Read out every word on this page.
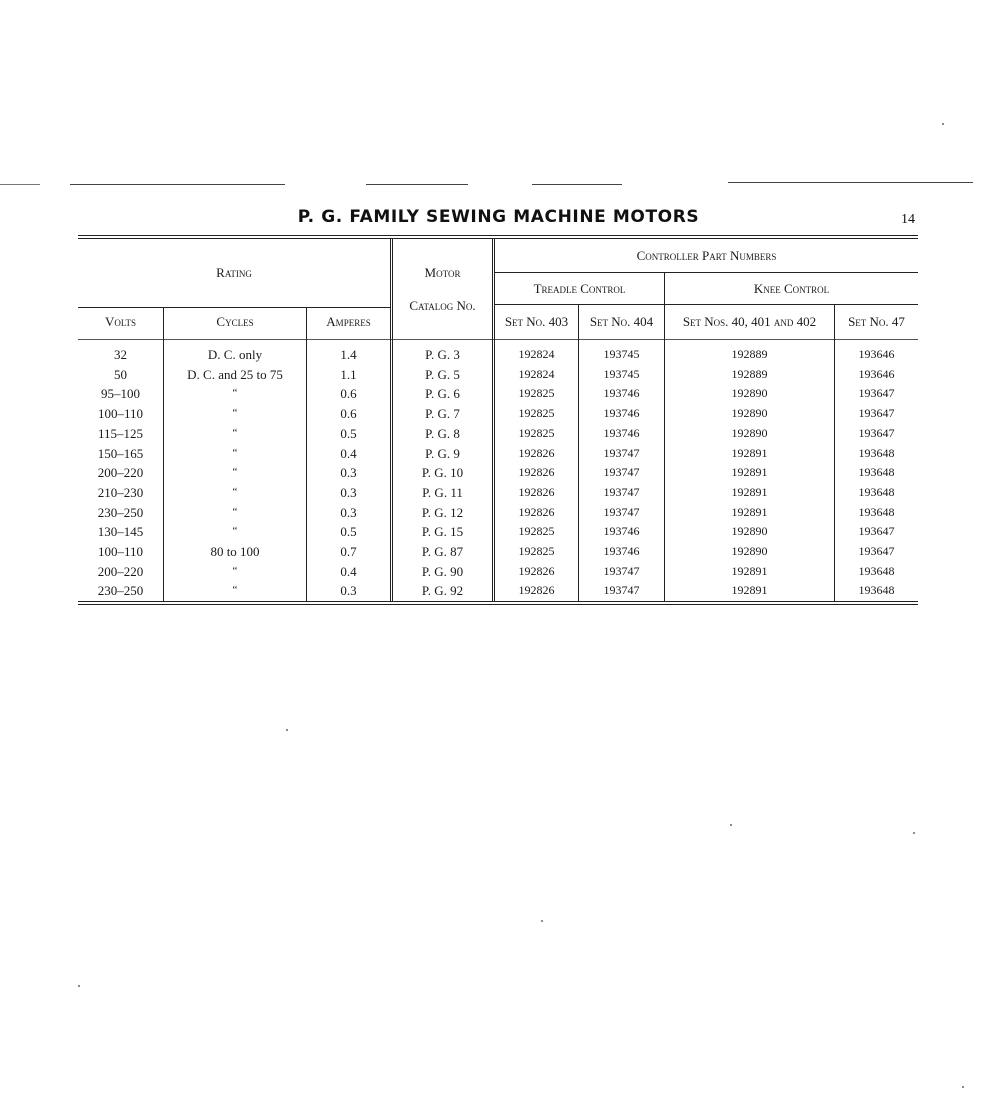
P. G. FAMILY SEWING MACHINE MOTORS	14
Rating	Motor
Catalog No.
Controller Part Numbers
Treadle Control	Knee Control
Volts	Cycles	Amperes	Set No. 403	Set No. 404	Set Nos. 40, 401 and 402	Set No. 47
32	D. C. only	1.4	P. G. 3	192824	193745	192889	193646
50	D. C. and 25 to 75	1.1	P. G. 5	192824	193745	192889	193646
95–100	“	0.6	P. G. 6	192825	193746	192890	193647
100–110	“	0.6	P. G. 7	192825	193746	192890	193647
115–125	“	0.5	P. G. 8	192825	193746	192890	193647
150–165	“	0.4	P. G. 9	192826	193747	192891	193648
200–220	“	0.3	P. G. 10	192826	193747	192891	193648
210–230	“	0.3	P. G. 11	192826	193747	192891	193648
230–250	“	0.3	P. G. 12	192826	193747	192891	193648
130–145	“	0.5	P. G. 15	192825	193746	192890	193647
100–110	80 to 100	0.7	P. G. 87	192825	193746	192890	193647
200–220	“	0.4	P. G. 90	192826	193747	192891	193648
230–250	“	0.3	P. G. 92	192826	193747	192891	193648
